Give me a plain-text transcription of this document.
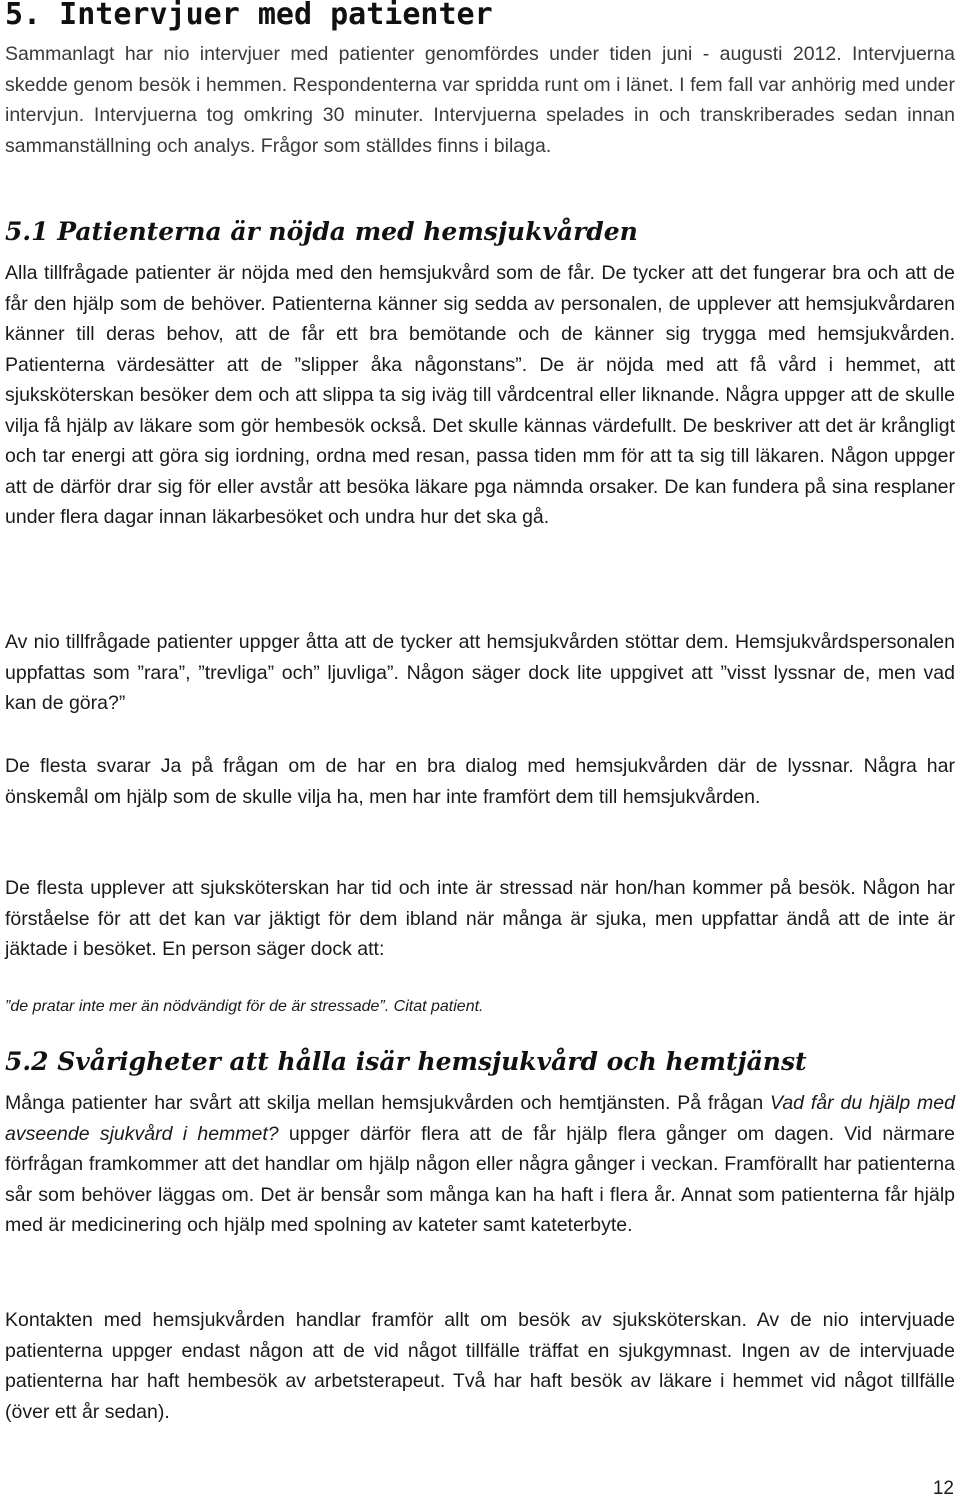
5. Intervjuer med patienter

Sammanlagt har nio intervjuer med patienter genomfördes under tiden juni - augusti 2012. Intervjuerna skedde genom besök i hemmen. Respondenterna var spridda runt om i länet. I fem fall var anhörig med under intervjun. Intervjuerna tog omkring 30 minuter. Intervjuerna spelades in och transkriberades sedan innan sammanställning och analys. Frågor som ställdes finns i bilaga.

5.1 Patienterna är nöjda med hemsjukvården

Alla tillfrågade patienter är nöjda med den hemsjukvård som de får. De tycker att det fungerar bra och att de får den hjälp som de behöver. Patienterna känner sig sedda av personalen, de upplever att hemsjukvårdaren känner till deras behov, att de får ett bra bemötande och de känner sig trygga med hemsjukvården. Patienterna värdesätter att de ”slipper åka någonstans”. De är nöjda med att få vård i hemmet, att sjuksköterskan besöker dem och att slippa ta sig iväg till vårdcentral eller liknande. Några uppger att de skulle vilja få hjälp av läkare som gör hembesök också. Det skulle kännas värdefullt. De beskriver att det är krångligt och tar energi att göra sig iordning, ordna med resan, passa tiden mm för att ta sig till läkaren. Någon uppger att de därför drar sig för eller avstår att besöka läkare pga nämnda orsaker. De kan fundera på sina resplaner under flera dagar innan läkarbesöket och undra hur det ska gå.

Av nio tillfrågade patienter uppger åtta att de tycker att hemsjukvården stöttar dem. Hemsjukvårdspersonalen uppfattas som ”rara”, ”trevliga” och” ljuvliga”. Någon säger dock lite uppgivet att ”visst lyssnar de, men vad kan de göra?”

De flesta svarar Ja på frågan om de har en bra dialog med hemsjukvården där de lyssnar. Några har önskemål om hjälp som de skulle vilja ha, men har inte framfört dem till hemsjukvården.

De flesta upplever att sjuksköterskan har tid och inte är stressad när hon/han kommer på besök. Någon har förståelse för att det kan var jäktigt för dem ibland när många är sjuka, men uppfattar ändå att de inte är jäktade i besöket. En person säger dock att:

”de pratar inte mer än nödvändigt för de är stressade”. Citat patient.

5.2 Svårigheter att hålla isär hemsjukvård och hemtjänst

Många patienter har svårt att skilja mellan hemsjukvården och hemtjänsten. På frågan Vad får du hjälp med avseende sjukvård i hemmet? uppger därför flera att de får hjälp flera gånger om dagen. Vid närmare förfrågan framkommer att det handlar om hjälp någon eller några gånger i veckan. Framförallt har patienterna sår som behöver läggas om. Det är bensår som många kan ha haft i flera år. Annat som patienterna får hjälp med är medicinering och hjälp med spolning av kateter samt kateterbyte.

Kontakten med hemsjukvården handlar framför allt om besök av sjuksköterskan. Av de nio intervjuade patienterna uppger endast någon att de vid något tillfälle träffat en sjukgymnast. Ingen av de intervjuade patienterna har haft hembesök av arbetsterapeut. Två har haft besök av läkare i hemmet vid något tillfälle (över ett år sedan).

12
